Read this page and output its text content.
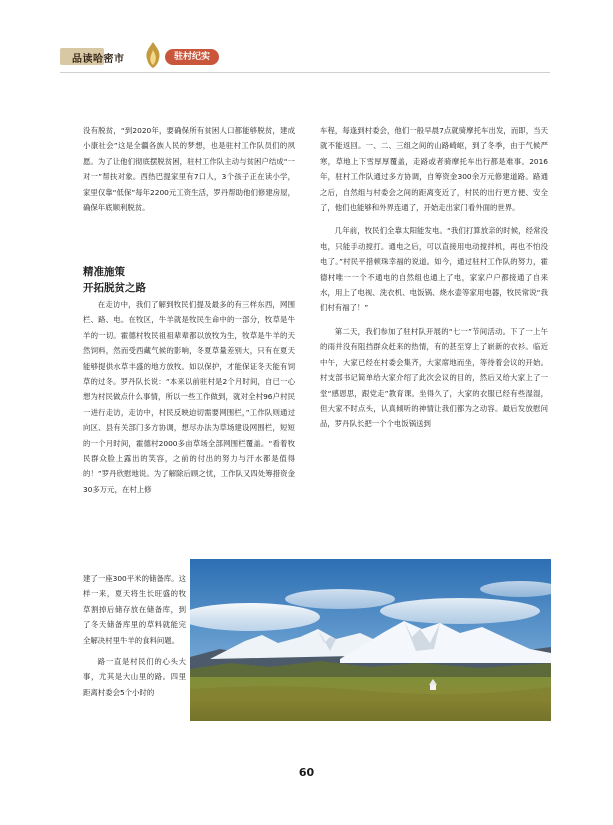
品读哈密市	驻村纪实

没有脱贫，“到2020年，要确保所有贫困人口都能够脱贫，建成小康社会”这是全疆各族人民的梦想，也是驻村工作队员们的夙愿。为了让他们彻底摆脱贫困，驻村工作队主动与贫困户结成“一对一”帮扶对象。西热巴提家里有7口人，3个孩子正在读小学，家里仅靠“低保”每年2200元工资生活，罗丹帮助他们修建房屋，确保年底顺利脱贫。

精准施策
开拓脱贫之路

在走访中，我们了解到牧民们提及最多的有三样东西，网围栏、路、电。在牧区，牛羊就是牧民生命中的一部分，牧草是牛羊的一切。霍德村牧民祖祖辈辈都以放牧为生，牧草是牛羊的天然饲料，然而受西藏气候的影响，冬夏草量差别大，只有在夏天能够提供水草丰盛的地方放牧。如以保护，才能保证冬天能有饲草的过冬。罗丹队长说：“本来以前驻村是2个月时间，自已一心想为村民做点什么事情，所以一些工作做到，就对全村96户村民一进行走访，走访中，村民反映迫切需要网围栏，”工作队则通过向区、县有关部门多方协调，想尽办法为草场建设网围栏，短短的一个月时间，霍德村2000多亩草场全部网围栏覆盖。“看着牧民群众脸上露出的笑容，之前的付出的努力与汗水都是值得的！”罗丹欣慰地说。为了解除后顾之忧，工作队又四处筹措资金30多万元，在村上修

建了一座300平米的储备库。这样一来，夏天将生长旺盛的牧草割掉后储存放在储备库，到了冬天储备库里的草料就能完全解决村里牛羊的食料问题。

路一直是村民们的心头大事，尤其是大山里的路。四里距离村委会5个小时的

车程，每逢到村委会，他们一般早晨7点就骑摩托车出发，而即，当天就不能返回。一、二、三组之间的山路崎岖，到了冬季，由于气候严寒，草地上下雪厚厚覆盖，走路或者骑摩托车出行都是难事。2016年，驻村工作队通过多方协调，自筹资金300余万元修建道路。路通之后，自然组与村委会之间的距离变近了，村民的出行更方便、安全了，他们也能够和外界连通了，开始走出家门看外面的世界。

几年前，牧民们全靠太阳能发电。“我们打算放亲的时候，经常没电，只能手动搅打。通电之后，可以直接用电动搅拌机，再也不怕没电了。”村民平措顿珠幸福的说道。如今，通过驻村工作队的努力，霍德村唯一一个不通电的自然组也通上了电，家家户户都接通了自来水，用上了电视、洗衣机、电饭锅、烧水壶等家用电器，牧民常说“我们村有福了！”

第二天，我们参加了驻村队开展的“七一”节间活动。下了一上午的雨并没有阻挡群众赶来的热情，有的甚至穿上了崭新的衣衫。临近中午，大家已经在村委会集齐，大家席地而坐，等待着会议的开始。村支部书记简单给大家介绍了此次会议的目的，然后又给大家上了一堂“感恩思，跟党走”教育课。坐得久了，大家的衣服已经有些湿湿，但大家不时点头，认真倾听的神情让我们都为之动容。最后发放慰问品，罗丹队长把一个个电饭锅送到

60
